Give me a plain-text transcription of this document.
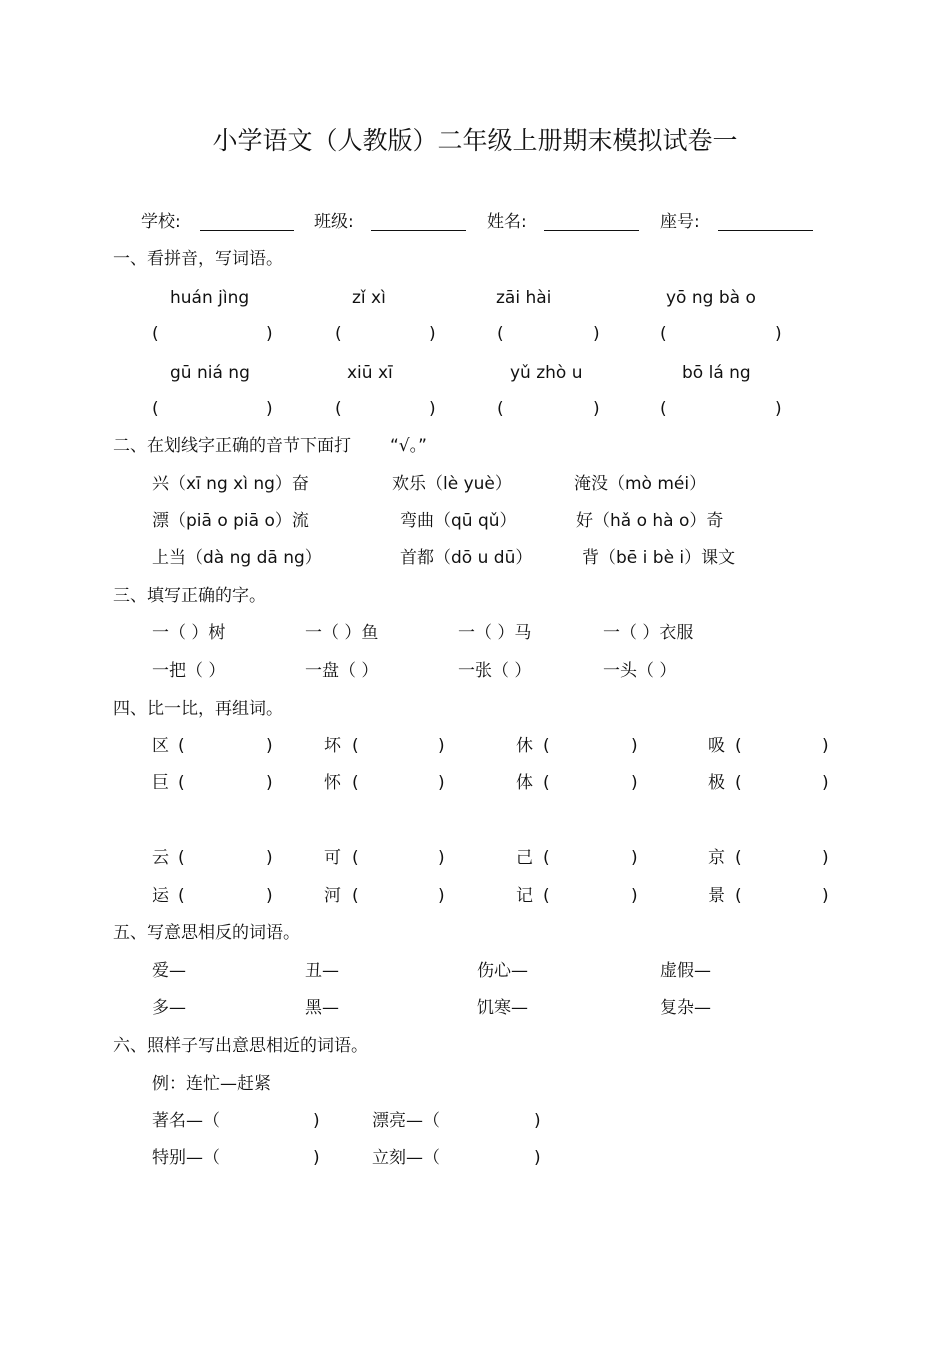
小学语文（人教版）二年级上册期末模拟试卷一
学校:	班级:	姓名:	座号:
一、看拼音，写词语。
huán jìng	zǐ xì	zāi hài	yō ng bà o
(	)	(	)	(	)	(	)
gū niá ng	xiū xī	yǔ zhò u	bō lá ng
(	)	(	)	(	)	(	)
二、在划线字正确的音节下面打 “√。”
兴（xī ng xì ng）奋	欢乐（lè yuè）	淹没（mò méi）
漂（piā o piā o）流	弯曲（qū qǔ）	好（hǎ o hà o）奇
上当（dà ng dā ng）	首都（dō u dū）	背（bē i bè i）课文
三、填写正确的字。
一（ ）树	一（ ）鱼	一（ ）马	一（ ）衣服
一把（ ）	一盘（ ）	一张（ ）	一头（ ）
四、比一比，再组词。
区 (	)	坏 (	)	休 (	)	吸 (	)
巨 (	)	怀 (	)	体 (	)	极 (	)
云 (	)	可 (	)	己 (	)	京 (	)
运 (	)	河 (	)	记 (	)	景 (	)
五、写意思相反的词语。
爱—	丑—	伤心—	虚假—
多—	黑—	饥寒—	复杂—
六、照样子写出意思相近的词语。
例：连忙—赶紧
著名—（	)	漂亮—（	)
特别—（	)	立刻—（	)
